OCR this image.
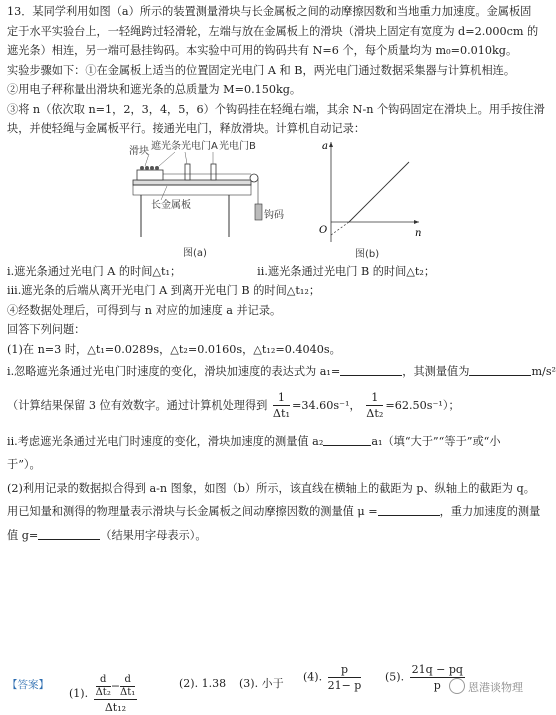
13．某同学利用如图（a）所示的装置测量滑块与长金属板之间的动摩擦因数和当地重力加速度。金属板固

定于水平实验台上，一轻绳跨过轻滑轮，左端与放在金属板上的滑块（滑块上固定有宽度为 d=2.000cm 的

遮光条）相连，另一端可悬挂钩码。本实验中可用的钩码共有 N=6 个，每个质量均为 m₀=0.010kg。

实验步骤如下：①在金属板上适当的位置固定光电门 A 和 B，两光电门通过数据采集器与计算机相连。

②用电子秤称量出滑块和遮光条的总质量为 M=0.150kg。

③将 n（依次取 n=1，2，3，4，5，6）个钩码挂在轻绳右端，其余 N-n 个钩码固定在滑块上。用手按住滑

块，并使轻绳与金属板平行。接通光电门，释放滑块。计算机自动记录：

滑块 遮光条 光电门A 光电门B
长金属板
钩码
图(a)
a
n
O
图(b)

i.遮光条通过光电门 A 的时间△t₁；	ii.遮光条通过光电门 B 的时间△t₂；

iii.遮光条的后端从离开光电门 A 到离开光电门 B 的时间△t₁₂；

④经数据处理后，可得到与 n 对应的加速度 a 并记录。

回答下列问题：

(1)在 n=3 时，△t₁=0.0289s，△t₂=0.0160s，△t₁₂=0.4040s。

i.忽略遮光条通过光电门时速度的变化，滑块加速度的表达式为 a₁=	，其测量值为	m/s²

（计算结果保留 3 位有效数字。通过计算机处理得到 $\frac{1}{\text{Δt₁}} =34.60s^{-1}$， $\frac{1}{\text{Δt₂}} =62.50s^{-1}$）；

ii.考虑遮光条通过光电门时速度的变化，滑块加速度的测量值 a₂	a₁（填“大于”“等于”或“小

于”）。

(2)利用记录的数据拟合得到 a-n 图象，如图（b）所示，该直线在横轴上的截距为 p、纵轴上的截距为 q。

用已知量和测得的物理量表示滑块与长金属板之间动摩擦因数的测量值 μ =	，重力加速度的测量

值 g=	（结果用字母表示）。

【答案】
(1). $\frac{\frac{d}{\text{Δt₂}} - \frac{d}{\text{Δt₁}}}{\text{Δt₁₂}}$	(2). 1.38 (3). 小于 (4). $\frac{p}{21- p} (5)$. $\frac{21q - pq}{p}$ 恩港谈物理
